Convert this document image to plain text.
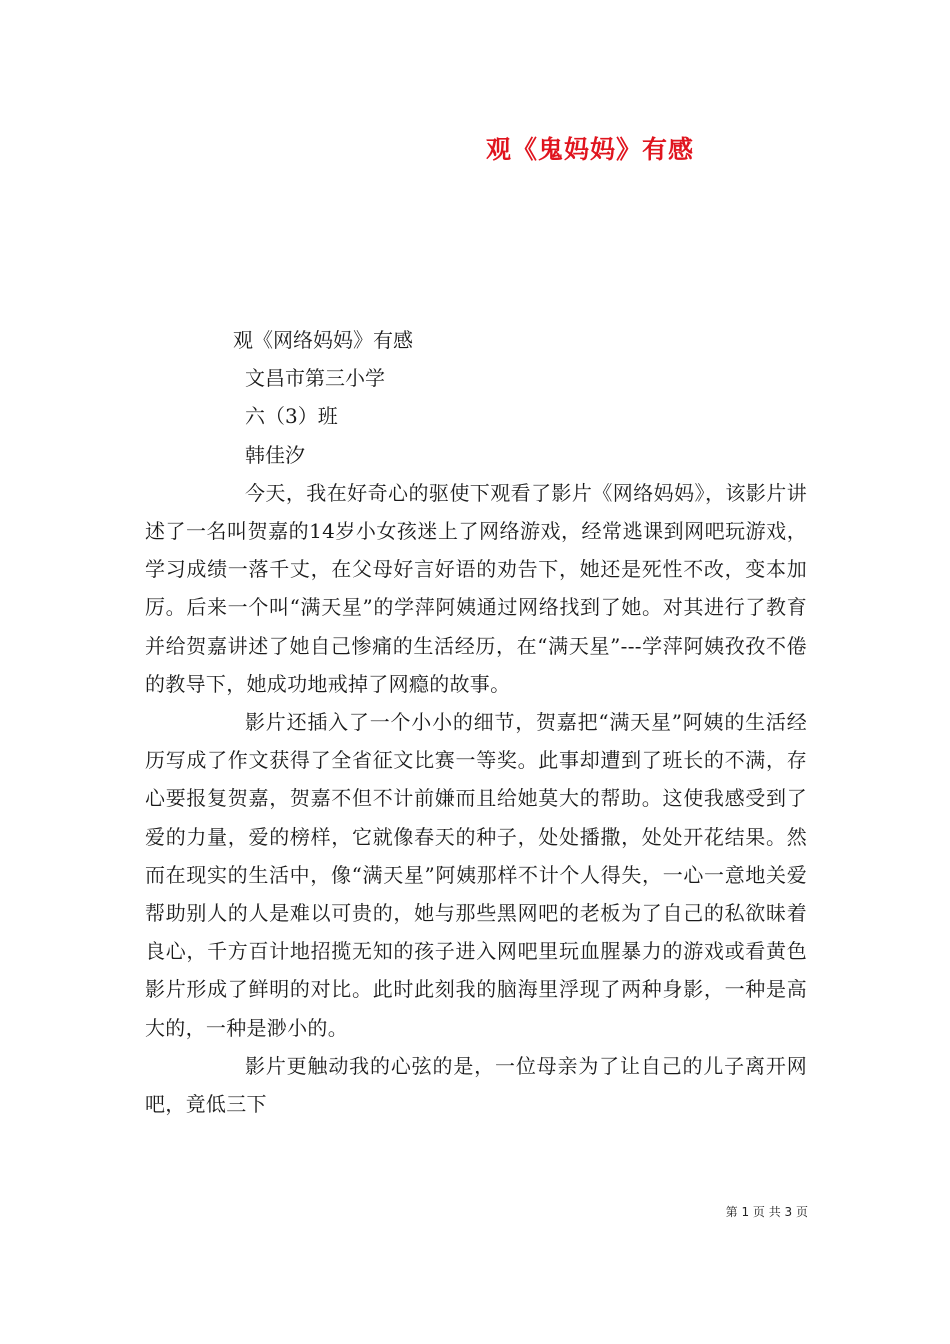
观《鬼妈妈》有感
观《网络妈妈》有感
文昌市第三小学
六（3）班
韩佳汐

今天，我在好奇心的驱使下观看了影片《网络妈妈》，该影片讲述了一名叫贺嘉的14岁小女孩迷上了网络游戏，经常逃课到网吧玩游戏，学习成绩一落千丈，在父母好言好语的劝告下，她还是死性不改，变本加厉。后来一个叫“满天星”的学萍阿姨通过网络找到了她。对其进行了教育并给贺嘉讲述了她自己惨痛的生活经历，在“满天星”---学萍阿姨孜孜不倦的教导下，她成功地戒掉了网瘾的故事。

影片还插入了一个小小的细节，贺嘉把“满天星”阿姨的生活经历写成了作文获得了全省征文比赛一等奖。此事却遭到了班长的不满，存心要报复贺嘉，贺嘉不但不计前嫌而且给她莫大的帮助。这使我感受到了爱的力量，爱的榜样，它就像春天的种子，处处播撒，处处开花结果。然而在现实的生活中，像“满天星”阿姨那样不计个人得失，一心一意地关爱帮助别人的人是难以可贵的，她与那些黑网吧的老板为了自己的私欲昧着良心，千方百计地招揽无知的孩子进入网吧里玩血腥暴力的游戏或看黄色影片形成了鲜明的对比。此时此刻我的脑海里浮现了两种身影，一种是高大的，一种是渺小的。

影片更触动我的心弦的是，一位母亲为了让自己的儿子离开网吧，竟低三下

第 1 页 共 3 页
